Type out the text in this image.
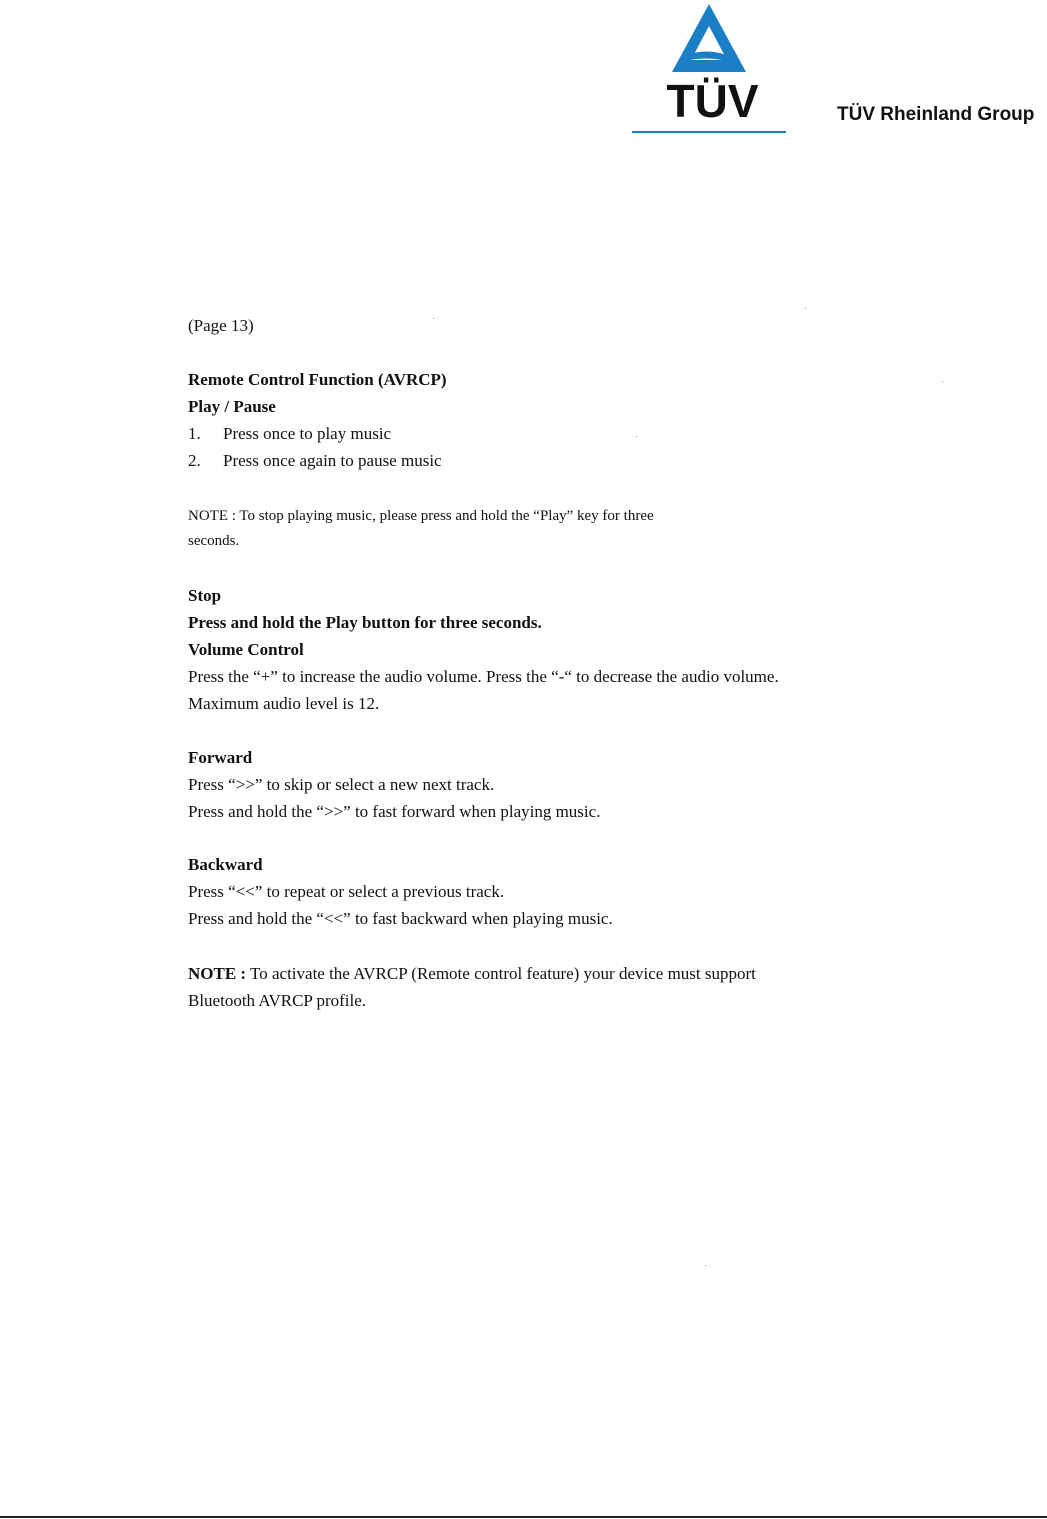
TÜV	TÜV Rheinland Group
(Page 13)
Remote Control Function (AVRCP)
Play / Pause
1. Press once to play music
2. Press once again to pause music
NOTE : To stop playing music, please press and hold the “Play” key for three
seconds.
Stop
Press and hold the Play button for three seconds.
Volume Control
Press the “+” to increase the audio volume. Press the “-“ to decrease the audio volume.
Maximum audio level is 12.
Forward
Press “>>” to skip or select a new next track.
Press and hold the “>>” to fast forward when playing music.
Backward
Press “<<” to repeat or select a previous track.
Press and hold the “<<” to fast backward when playing music.
NOTE : To activate the AVRCP (Remote control feature) your device must support
Bluetooth AVRCP profile.
